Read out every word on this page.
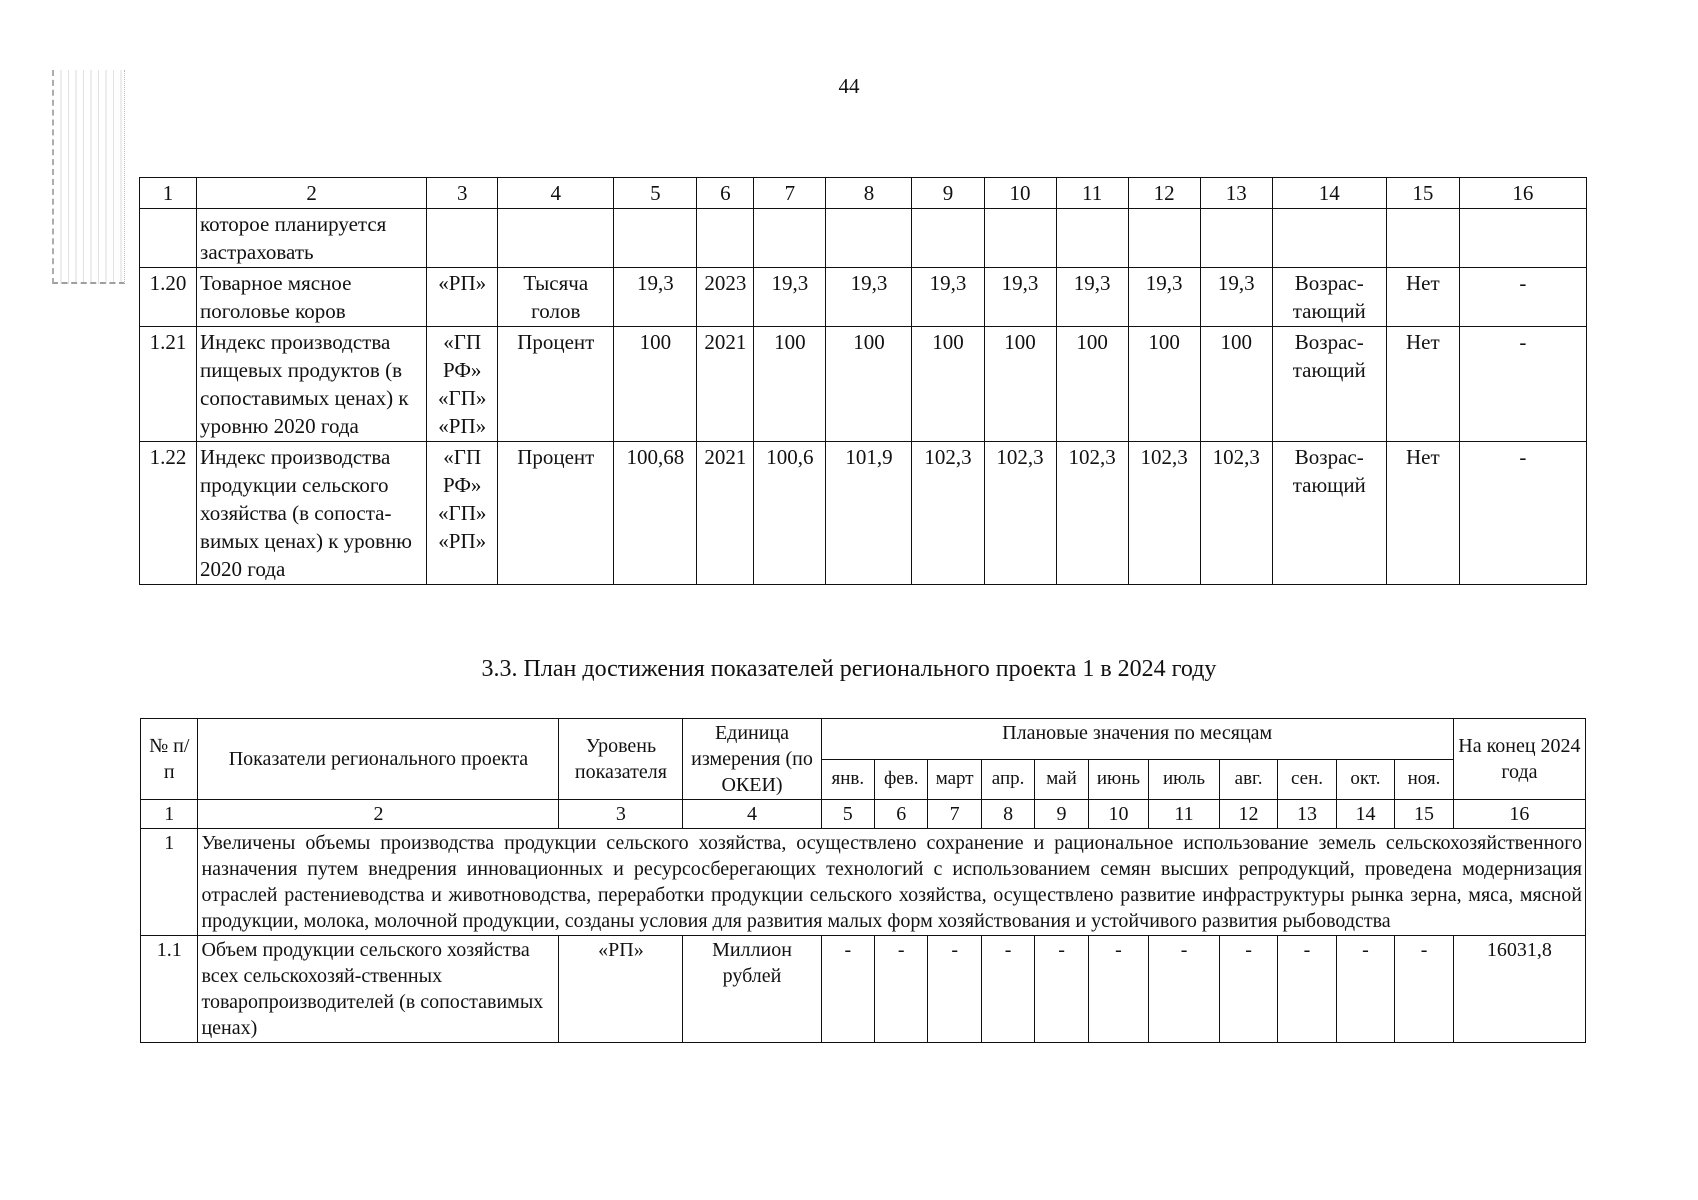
44
1	2	3	4	5	6	7	8	9	10	11	12	13	14	15	16
	которое планируется застраховать														
1.20	Товарное мясное поголовье коров	«РП»	Тысяча голов	19,3	2023	19,3	19,3	19,3	19,3	19,3	19,3	19,3	Возрас-тающий	Нет	-
1.21	Индекс производства пищевых продуктов (в сопоставимых ценах) к уровню 2020 года	«ГП РФ» «ГП» «РП»	Процент	100	2021	100	100	100	100	100	100	100	Возрас-тающий	Нет	-
1.22	Индекс производства продукции сельского хозяйства (в сопоста-вимых ценах) к уровню 2020 года	«ГП РФ» «ГП» «РП»	Процент	100,68	2021	100,6	101,9	102,3	102,3	102,3	102,3	102,3	Возрас-тающий	Нет	-
3.3. План достижения показателей регионального проекта 1 в 2024 году
№ п/п	Показатели регионального проекта	Уровень показателя	Единица измерения (по ОКЕИ)	Плановые значения по месяцам											На конец 2024 года
				янв.	фев.	март	апр.	май	июнь	июль	авг.	сен.	окт.	ноя.	
1	2	3	4	5	6	7	8	9	10	11	12	13	14	15	16
1	Увеличены объемы производства продукции сельского хозяйства, осуществлено сохранение и рациональное использование земель сельскохозяйственного назначения путем внедрения инновационных и ресурсосберегающих технологий с использованием семян высших репродукций, проведена модернизация отраслей растениеводства и животноводства, переработки продукции сельского хозяйства, осуществлено развитие инфраструктуры рынка зерна, мяса, мясной продукции, молока, молочной продукции, созданы условия для развития малых форм хозяйствования и устойчивого развития рыбоводства														
1.1	Объем продукции сельского хозяйства всех сельскохозяй-ственных товаропроизводителей (в сопоставимых ценах)	«РП»	Миллион рублей	-	-	-	-	-	-	-	-	-	-	-	16031,8
